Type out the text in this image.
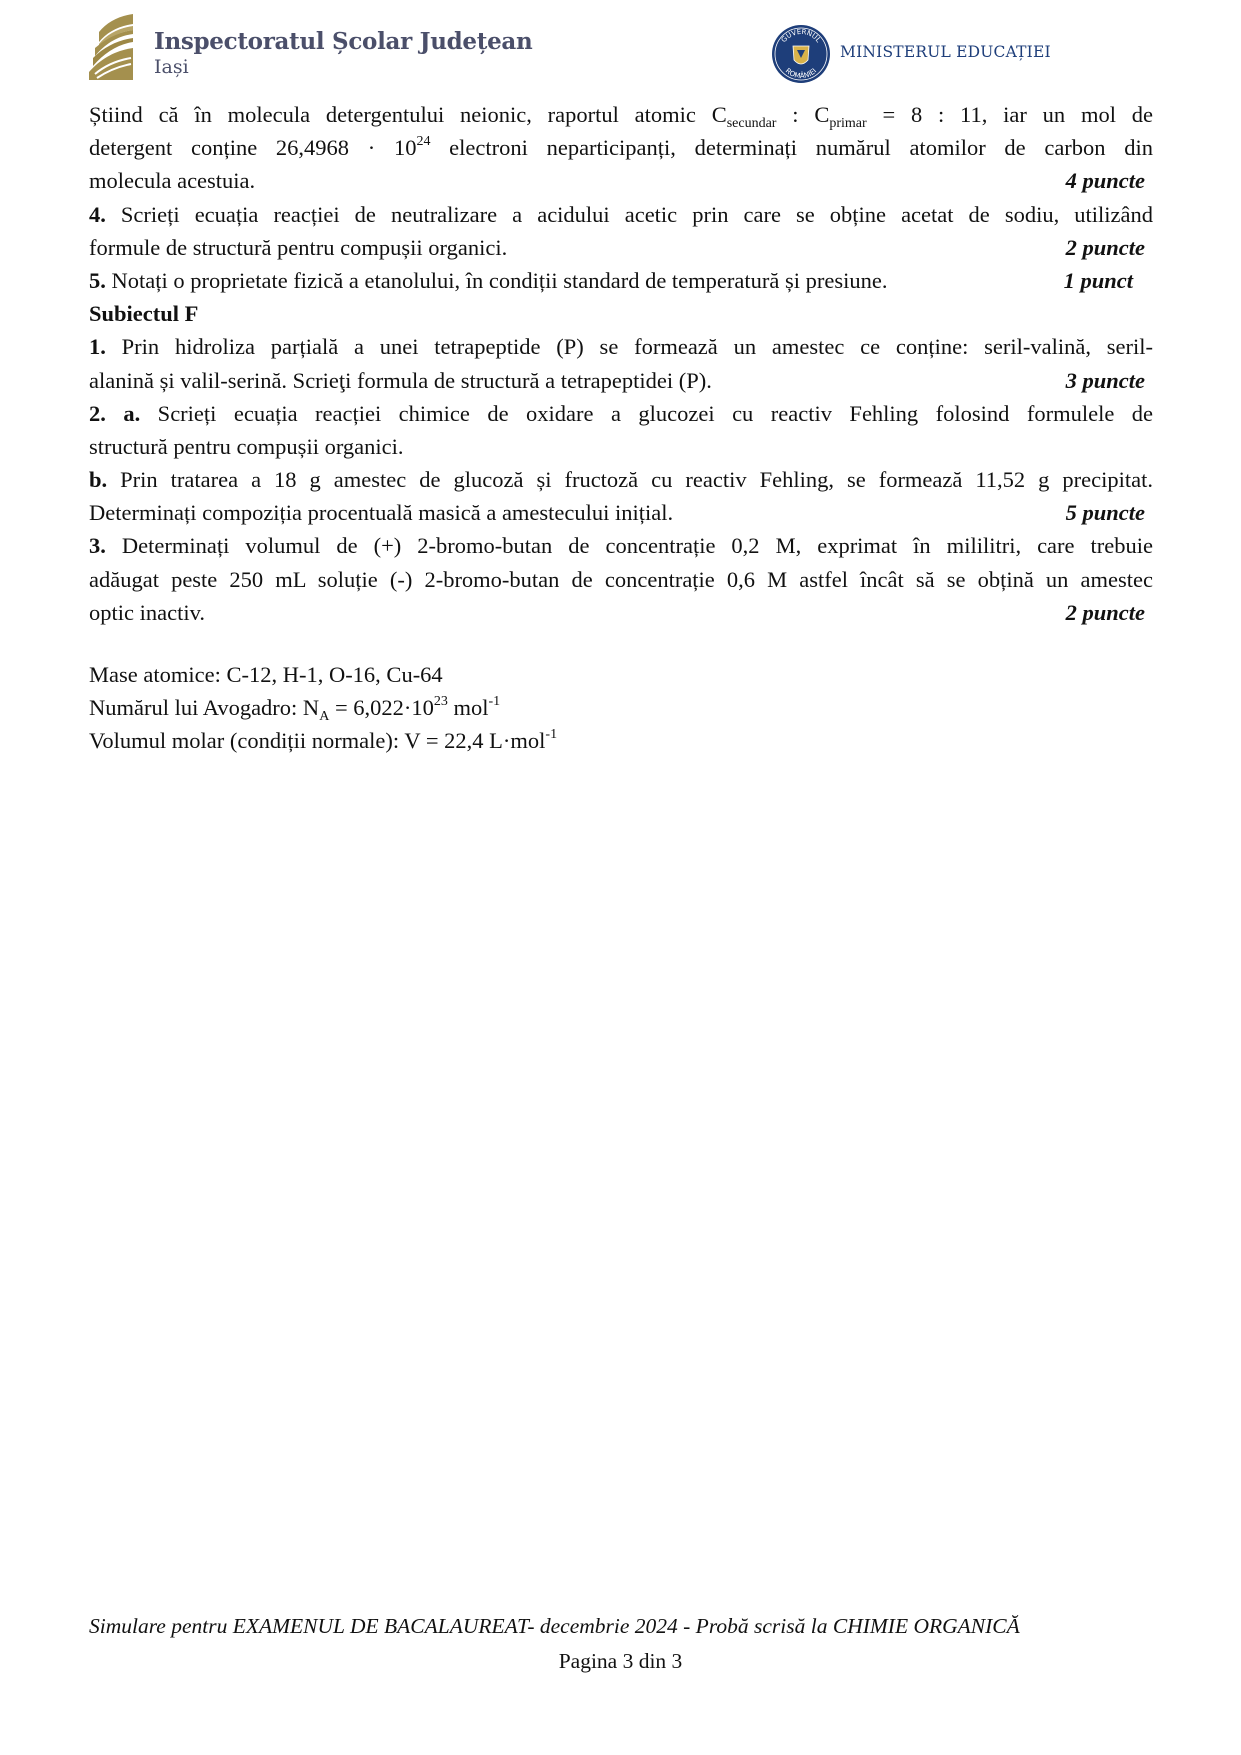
Inspectoratul Școlar Județean
Iași
GUVERNUL
ROMÂNIEI
MINISTERUL EDUCAȚIEI
Știind că în molecula detergentului neionic, raportul atomic $C_{secundar}$ : $C_{primar} = 8$ : 11, iar un mol de
detergent conține $26,4968 \cdot 10^{24}$ electroni neparticipanți, determinați numărul atomilor de carbon din
molecula acestuia.	4 puncte
4. Scrieți ecuația reacției de neutralizare a acidului acetic prin care se obține acetat de sodiu, utilizând
formule de structură pentru compușii organici.	2 puncte
5. Notați o proprietate fizică a etanolului, în condiții standard de temperatură și presiune.	1 punct
Subiectul F
1. Prin hidroliza parțială a unei tetrapeptide (P) se formează un amestec ce conține: seril-valină, seril-
alanină și valil-serină. Scrieţi formula de structură a tetrapeptidei (P).	3 puncte
2. a. Scrieți ecuația reacției chimice de oxidare a glucozei cu reactiv Fehling folosind formulele de
structură pentru compușii organici.
b. Prin tratarea a 18 g amestec de glucoză și fructoză cu reactiv Fehling, se formează 11,52 g precipitat.
Determinați compoziția procentuală masică a amestecului inițial.	5 puncte
3. Determinați volumul de (+) 2-bromo-butan de concentrație 0,2 M, exprimat în mililitri, care trebuie
adăugat peste 250 mL soluție (-) 2-bromo-butan de concentrație 0,6 M astfel încât să se obțină un amestec
optic inactiv.	2 puncte
Mase atomice: C-12, H-1, O-16, Cu-64
Numărul lui Avogadro: $N_A = 6,022\cdot 10^{23}$ mol$^{-1}$
Volumul molar (condiții normale): V = 22,4 L·mol$^{-1}$
Simulare pentru EXAMENUL DE BACALAUREAT- decembrie 2024 - Probă scrisă la CHIMIE ORGANICĂ
Pagina 3 din 3
